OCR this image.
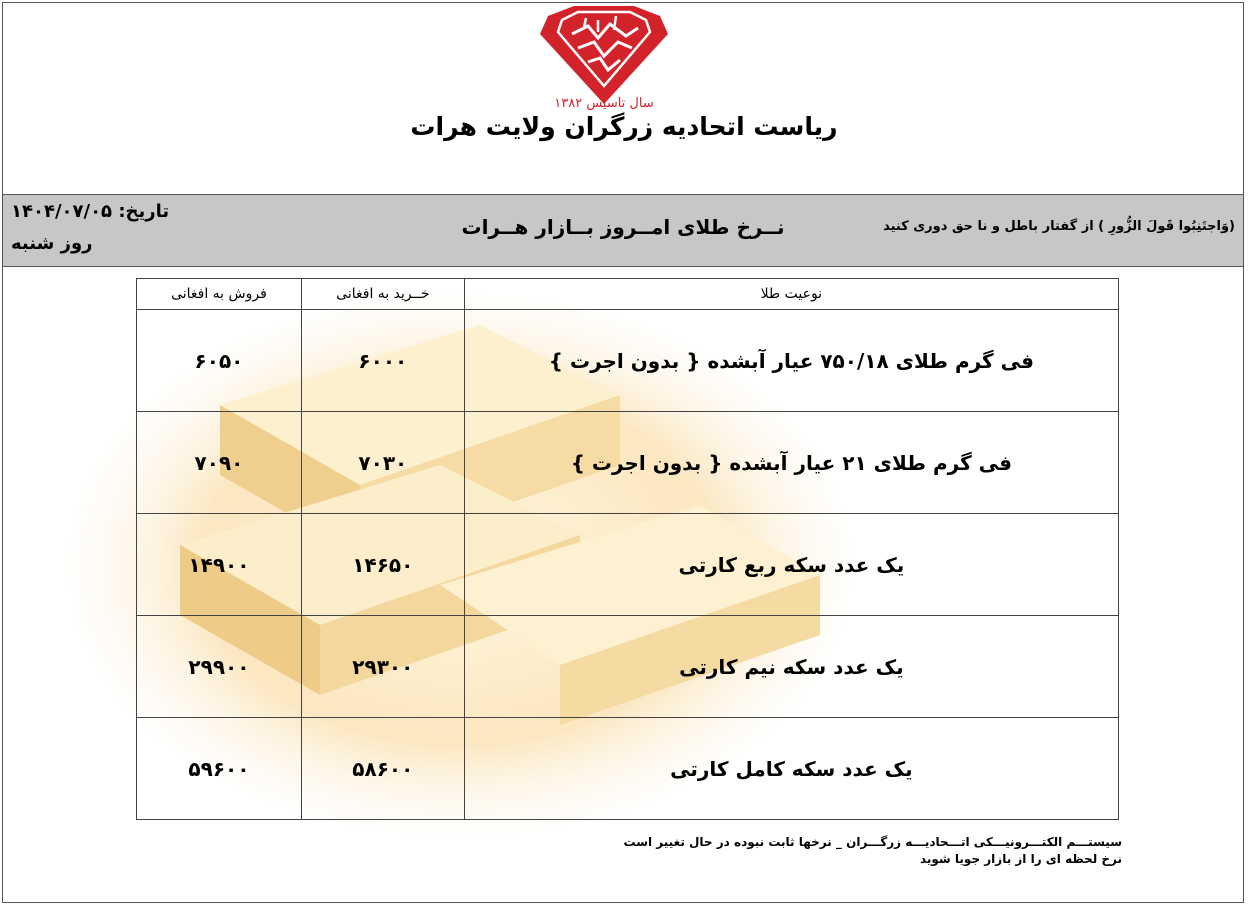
سال تاسیس ۱۳۸۲
ریاست اتحادیه زرگران ولایت هرات
(وَاجتَنِبُوا قَولَ الزُّورِ ) از گفتار باطل و نا حق دوری کنید
نــرخ طلای امــروز بــازار هــرات
تاریخ: ۱۴۰۴/۰۷/۰۵
روز شنبه
نوعیت طلا	خــرید به افغانی	فروش به افغانی
فی گرم طلای ۷۵۰/۱۸ عیار آبشده { بدون اجرت }	۶۰۰۰	۶۰۵۰
فی گرم طلای ۲۱ عیار آبشده { بدون اجرت }	۷۰۳۰	۷۰۹۰
یک عدد سکه ربع کارتی	۱۴۶۵۰	۱۴۹۰۰
یک عدد سکه نیم کارتی	۲۹۳۰۰	۲۹۹۰۰
یک عدد سکه کامل کارتی	۵۸۶۰۰	۵۹۶۰۰
سیستـــم الکتـــرونیـــکی اتـــحادیـــه زرگـــران _ نرخها ثابت نبوده در حال تغییر است
نرخ لحظه ای را از بازار جویا شوید
